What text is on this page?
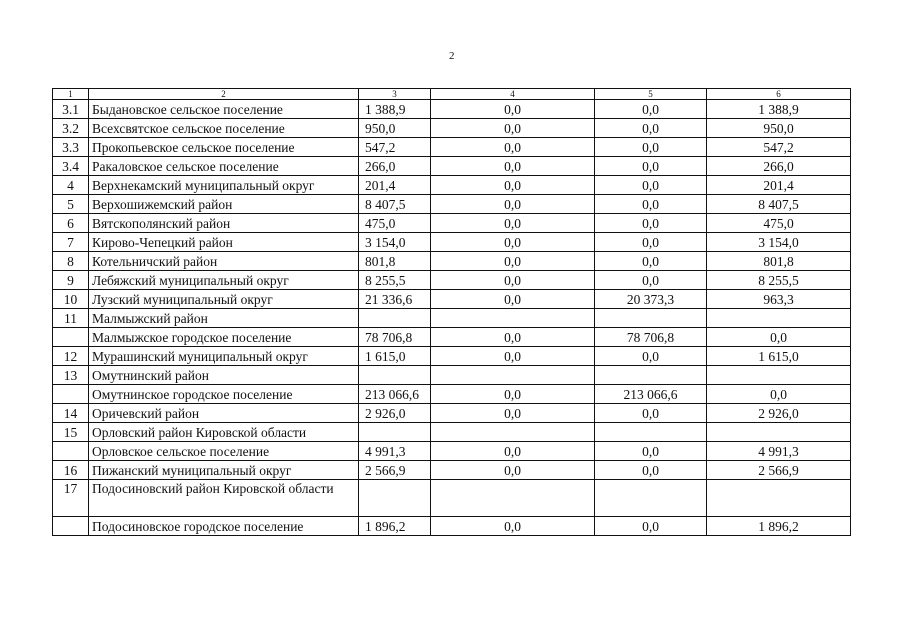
2
1	2	3	4	5	6
3.1	Быдановское сельское поселение	1 388,9	0,0	0,0	1 388,9
3.2	Всехсвятское сельское поселение	950,0	0,0	0,0	950,0
3.3	Прокопьевское сельское поселение	547,2	0,0	0,0	547,2
3.4	Ракаловское сельское поселение	266,0	0,0	0,0	266,0
4	Верхнекамский муниципальный округ	201,4	0,0	0,0	201,4
5	Верхошижемский район	8 407,5	0,0	0,0	8 407,5
6	Вятскополянский район	475,0	0,0	0,0	475,0
7	Кирово-Чепецкий район	3 154,0	0,0	0,0	3 154,0
8	Котельничский район	801,8	0,0	0,0	801,8
9	Лебяжский муниципальный округ	8 255,5	0,0	0,0	8 255,5
10	Лузский муниципальный округ	21 336,6	0,0	20 373,3	963,3
11	Малмыжский район				
	Малмыжское городское поселение	78 706,8	0,0	78 706,8	0,0
12	Мурашинский муниципальный округ	1 615,0	0,0	0,0	1 615,0
13	Омутнинский район				
	Омутнинское городское поселение	213 066,6	0,0	213 066,6	0,0
14	Оричевский район	2 926,0	0,0	0,0	2 926,0
15	Орловский район Кировской области				
	Орловское сельское поселение	4 991,3	0,0	0,0	4 991,3
16	Пижанский муниципальный округ	2 566,9	0,0	0,0	2 566,9
17	Подосиновский район Кировской области				
	Подосиновское городское поселение	1 896,2	0,0	0,0	1 896,2
